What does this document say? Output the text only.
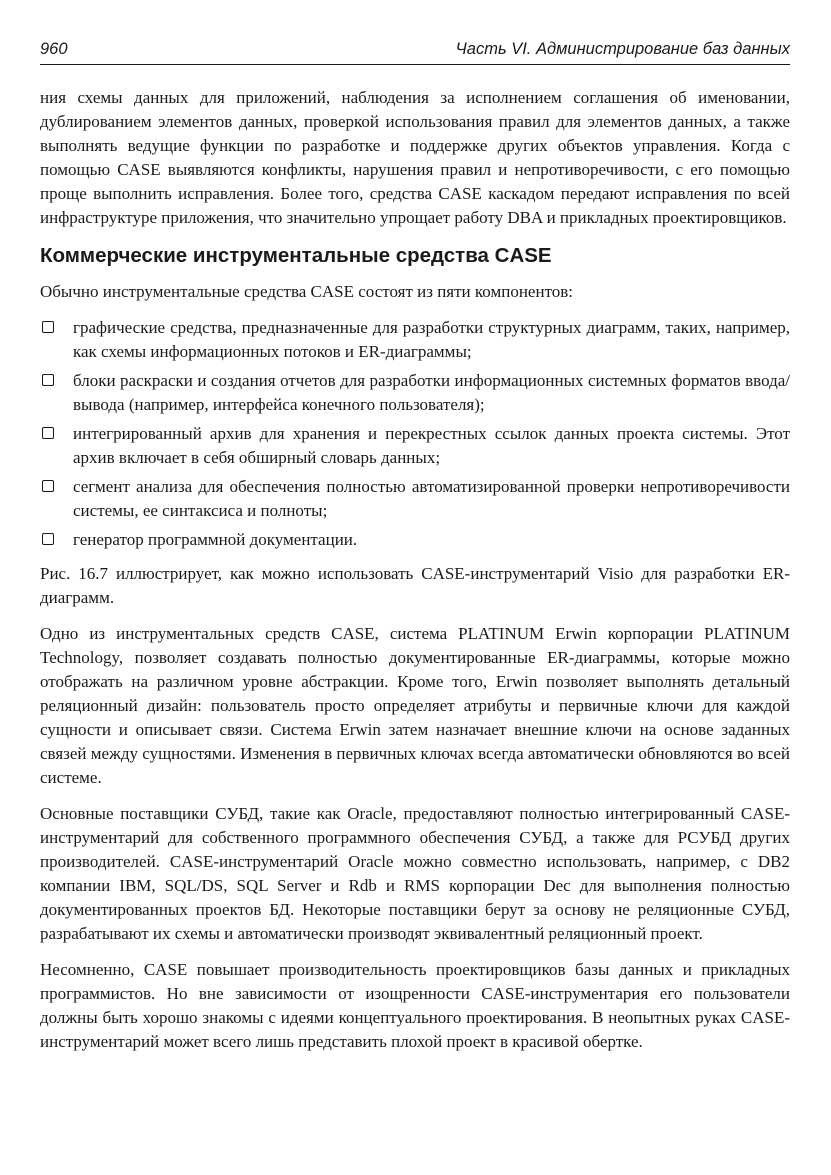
960	Часть VI. Администрирование баз данных

ния схемы данных для приложений, наблюдения за исполнением соглашения об именовании, дублированием элементов данных, проверкой использования правил для элементов данных, а также выполнять ведущие функции по разработке и поддержке других объектов управления. Когда с помощью CASE выявляются конфликты, нарушения правил и непротиворечивости, с его помощью проще выполнить исправления. Более того, средства CASE каскадом передают исправления по всей инфраструктуре приложения, что значительно упрощает работу DBA и прикладных проектировщиков.

Коммерческие инструментальные средства CASE

Обычно инструментальные средства CASE состоят из пяти компонентов:

графические средства, предназначенные для разработки структурных диаграмм, таких, например, как схемы информационных потоков и ER-диаграммы;
блоки раскраски и создания отчетов для разработки информационных системных форматов ввода/вывода (например, интерфейса конечного пользователя);
интегрированный архив для хранения и перекрестных ссылок данных проекта системы. Этот архив включает в себя обширный словарь данных;
сегмент анализа для обеспечения полностью автоматизированной проверки непротиворечивости системы, ее синтаксиса и полноты;
генератор программной документации.

Рис. 16.7 иллюстрирует, как можно использовать CASE-инструментарий Visio для разработки ER-диаграмм.

Одно из инструментальных средств CASE, система PLATINUM Erwin корпорации PLATINUM Technology, позволяет создавать полностью документированные ER-диаграммы, которые можно отображать на различном уровне абстракции. Кроме того, Erwin позволяет выполнять детальный реляционный дизайн: пользователь просто определяет атрибуты и первичные ключи для каждой сущности и описывает связи. Система Erwin затем назначает внешние ключи на основе заданных связей между сущностями. Изменения в первичных ключах всегда автоматически обновляются во всей системе.

Основные поставщики СУБД, такие как Oracle, предоставляют полностью интегрированный CASE-инструментарий для собственного программного обеспечения СУБД, а также для РСУБД других производителей. CASE-инструментарий Oracle можно совместно использовать, например, с DB2 компании IBM, SQL/DS, SQL Server и Rdb и RMS корпорации Dec для выполнения полностью документированных проектов БД. Некоторые поставщики берут за основу не реляционные СУБД, разрабатывают их схемы и автоматически производят эквивалентный реляционный проект.

Несомненно, CASE повышает производительность проектировщиков базы данных и прикладных программистов. Но вне зависимости от изощренности CASE-инструментария его пользователи должны быть хорошо знакомы с идеями концептуального проектирования. В неопытных руках CASE-инструментарий может всего лишь представить плохой проект в красивой обертке.
